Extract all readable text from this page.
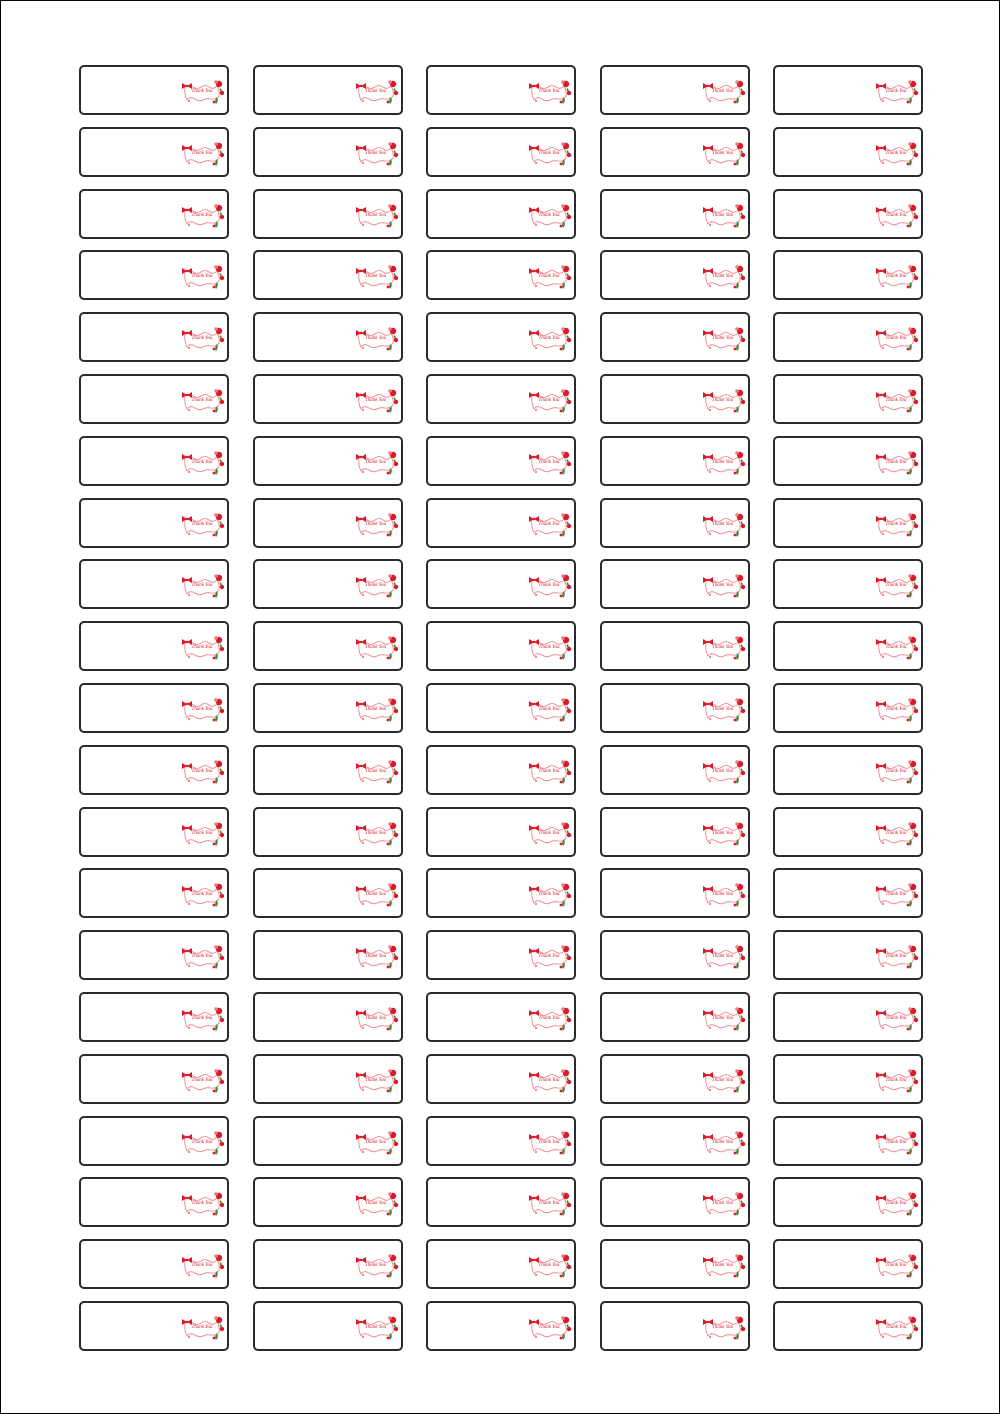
Thank You	Thank You	Thank You	Thank You	Thank You
Thank You	Thank You	Thank You	Thank You	Thank You
Thank You	Thank You	Thank You	Thank You	Thank You
Thank You	Thank You	Thank You	Thank You	Thank You
Thank You	Thank You	Thank You	Thank You	Thank You
Thank You	Thank You	Thank You	Thank You	Thank You
Thank You	Thank You	Thank You	Thank You	Thank You
Thank You	Thank You	Thank You	Thank You	Thank You
Thank You	Thank You	Thank You	Thank You	Thank You
Thank You	Thank You	Thank You	Thank You	Thank You
Thank You	Thank You	Thank You	Thank You	Thank You
Thank You	Thank You	Thank You	Thank You	Thank You
Thank You	Thank You	Thank You	Thank You	Thank You
Thank You	Thank You	Thank You	Thank You	Thank You
Thank You	Thank You	Thank You	Thank You	Thank You
Thank You	Thank You	Thank You	Thank You	Thank You
Thank You	Thank You	Thank You	Thank You	Thank You
Thank You	Thank You	Thank You	Thank You	Thank You
Thank You	Thank You	Thank You	Thank You	Thank You
Thank You	Thank You	Thank You	Thank You	Thank You
Thank You	Thank You	Thank You	Thank You	Thank You
